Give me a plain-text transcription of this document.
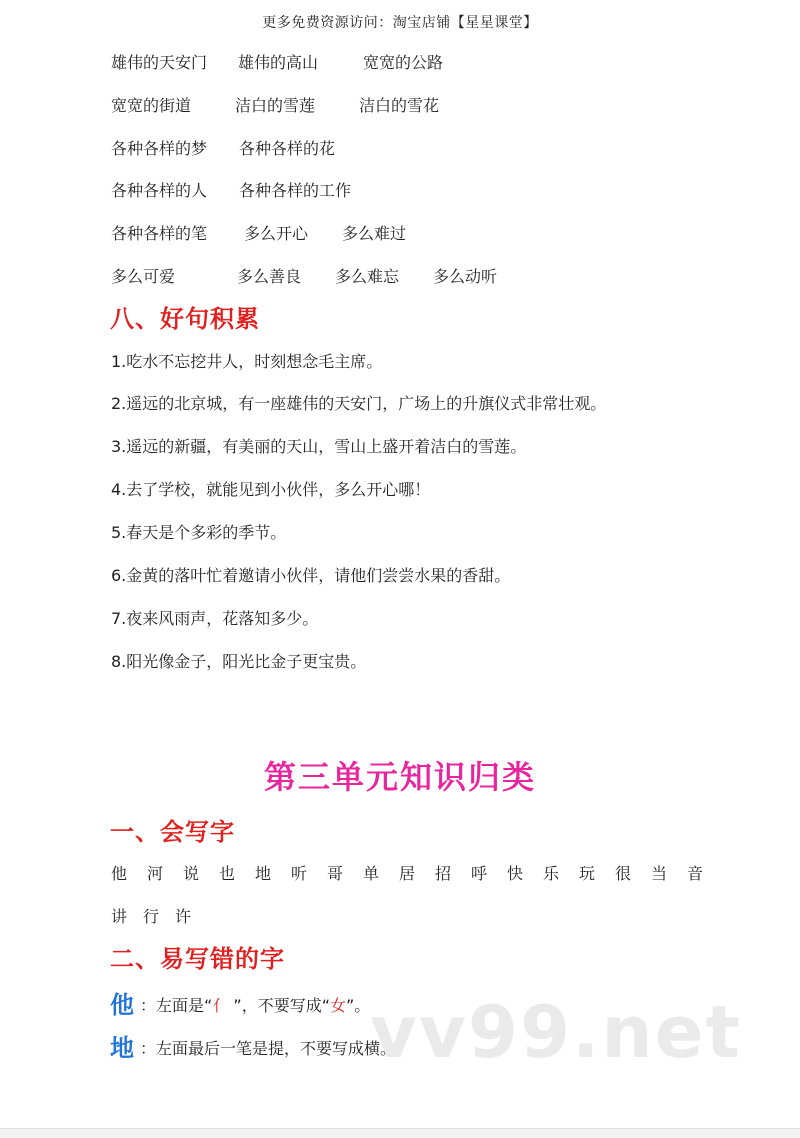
更多免费资源访问：淘宝店铺【星星课堂】
雄伟的天安门 雄伟的高山	宽宽的公路
宽宽的街道	洁白的雪莲	洁白的雪花
各种各样的梦 各种各样的花
各种各样的人 各种各样的工作
各种各样的笔 多么开心 多么难过
多么可爱	多么善良 多么难忘 多么动听
八、好句积累
1.吃水不忘挖井人，时刻想念毛主席。
2.遥远的北京城，有一座雄伟的天安门，广场上的升旗仪式非常壮观。
3.遥远的新疆，有美丽的天山，雪山上盛开着洁白的雪莲。
4.去了学校，就能见到小伙伴，多么开心哪！
5.春天是个多彩的季节。
6.金黄的落叶忙着邀请小伙伴，请他们尝尝水果的香甜。
7.夜来风雨声，花落知多少。
8.阳光像金子，阳光比金子更宝贵。
第三单元知识归类
一、会写字
他 河 说 也 地 听 哥 单 居 招 呼 快 乐 玩 很 当 音
讲 行 许
二、易写错的字
他 ：左面是“亻 ”，不要写成“女”。
地 ：左面最后一笔是提，不要写成横。
vv99.net
